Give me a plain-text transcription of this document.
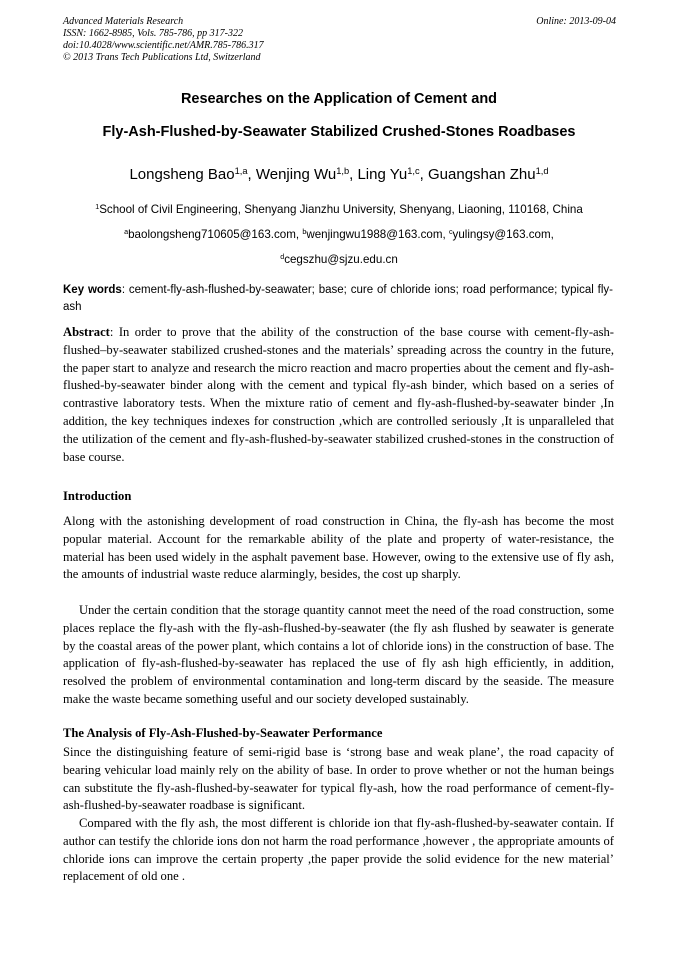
Advanced Materials Research
ISSN: 1662-8985, Vols. 785-786, pp 317-322
doi:10.4028/www.scientific.net/AMR.785-786.317
© 2013 Trans Tech Publications Ltd, Switzerland
Online: 2013-09-04
Researches on the Application of Cement and
Fly-Ash-Flushed-by-Seawater Stabilized Crushed-Stones Roadbases
Longsheng Bao$^{1,a}$, Wenjing Wu$^{1,b}$, Ling Yu$^{1,c}$, Guangshan Zhu$^{1,d}$
$^1$School of Civil Engineering, Shenyang Jianzhu University, Shenyang, Liaoning, 110168, China
$^a$baolongsheng710605@163.com, $^b$wenjingwu1988@163.com, $^c$yulingsy@163.com,
$^d$cegszhu@sjzu.edu.cn
Key words: cement-fly-ash-flushed-by-seawater; base; cure of chloride ions; road performance; typical fly-ash
Abstract: In order to prove that the ability of the construction of the base course with cement-fly-ash-flushed–by-seawater stabilized crushed-stones and the materials’ spreading across the country in the future, the paper start to analyze and research the micro reaction and macro properties about the cement and fly-ash-flushed-by-seawater binder along with the cement and typical fly-ash binder, which based on a series of contrastive laboratory tests. When the mixture ratio of cement and fly-ash-flushed-by-seawater binder ,In addition, the key techniques indexes for construction ,which are controlled seriously ,It is unparalleled that the utilization of the cement and fly-ash-flushed-by-seawater stabilized crushed-stones in the construction of base course.
Introduction
Along with the astonishing development of road construction in China, the fly-ash has become the most popular material. Account for the remarkable ability of the plate and property of water-resistance, the material has been used widely in the asphalt pavement base. However, owing to the extensive use of fly ash, the amounts of industrial waste reduce alarmingly, besides, the cost up sharply.
Under the certain condition that the storage quantity cannot meet the need of the road construction, some places replace the fly-ash with the fly-ash-flushed-by-seawater (the fly ash flushed by seawater is generate by the coastal areas of the power plant, which contains a lot of chloride ions) in the construction of base. The application of fly-ash-flushed-by-seawater has replaced the use of fly ash high efficiently, in addition, resolved the problem of environmental contamination and long-term discard by the seaside. The measure make the waste became something useful and our society developed sustainably.
The Analysis of Fly-Ash-Flushed-by-Seawater Performance
Since the distinguishing feature of semi-rigid base is ‘strong base and weak plane’, the road capacity of bearing vehicular load mainly rely on the ability of base. In order to prove whether or not the human beings can substitute the fly-ash-flushed-by-seawater for typical fly-ash, how the road performance of cement-fly-ash-flushed-by-seawater roadbase is significant.
Compared with the fly ash, the most different is chloride ion that fly-ash-flushed-by-seawater contain. If author can testify the chloride ions don not harm the road performance ,however , the appropriate amounts of chloride ions can improve the certain property ,the paper provide the solid evidence for the new material’ replacement of old one .
